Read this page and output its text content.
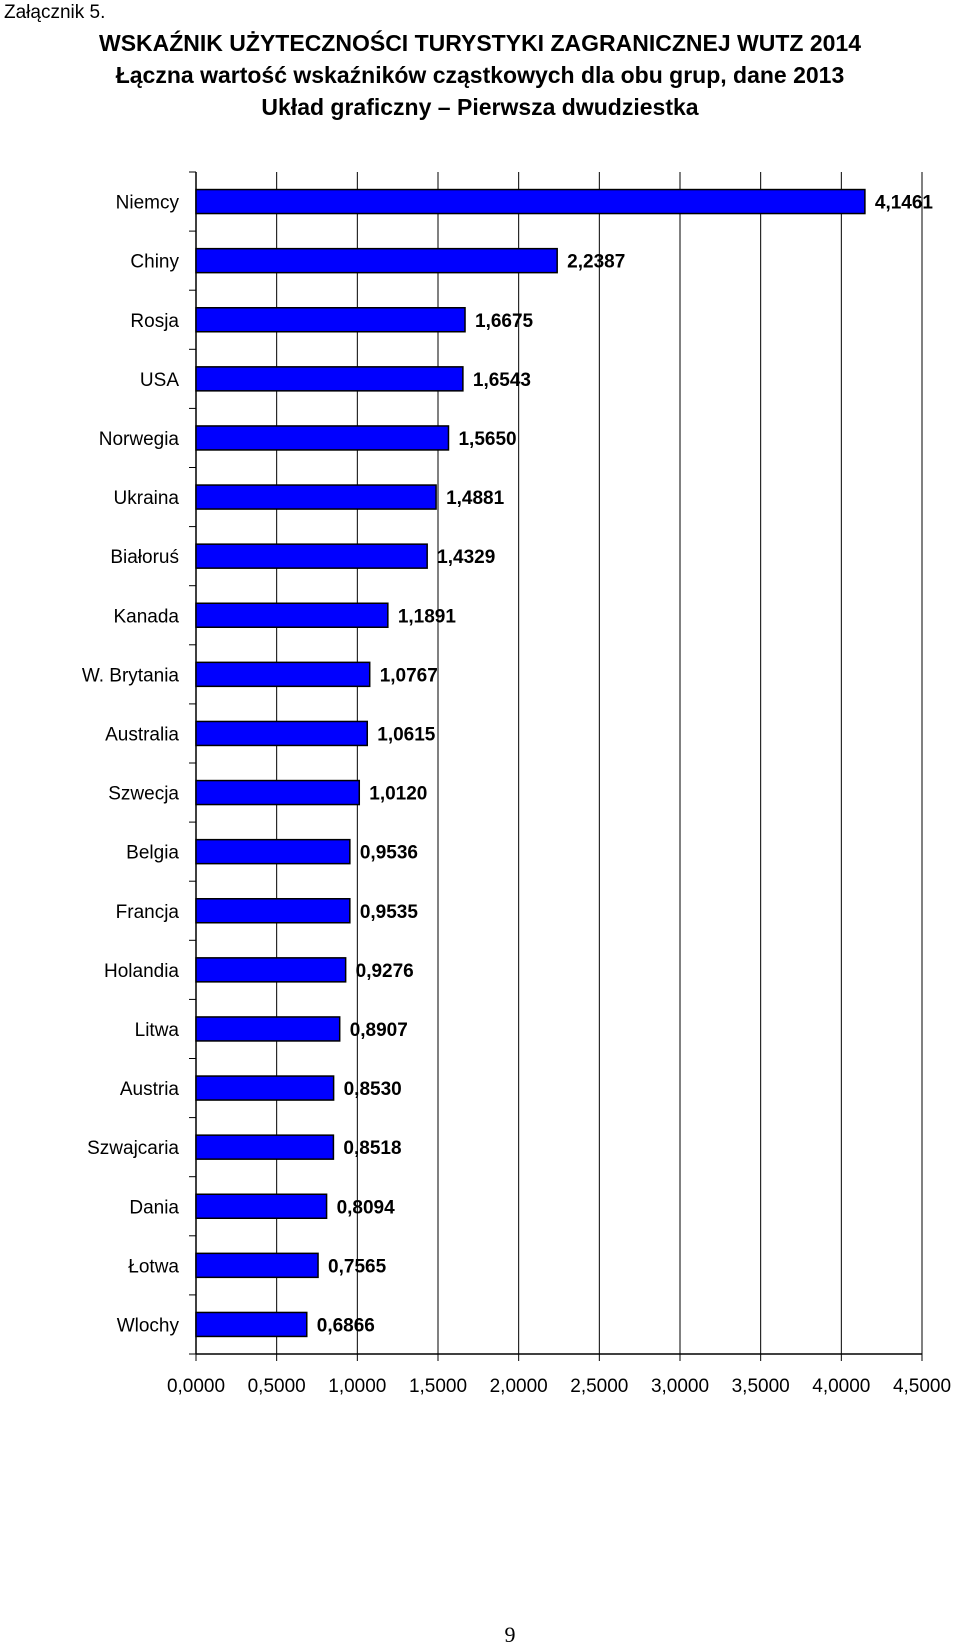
Załącznik 5.
WSKAŹNIK UŻYTECZNOŚCI TURYSTYKI ZAGRANICZNEJ WUTZ 2014
Łączna wartość wskaźników cząstkowych dla obu grup, dane 2013
Układ graficzny – Pierwsza dwudziestka
0,0000 0,5000 1,0000 1,5000 2,0000 2,5000 3,0000 3,5000 4,0000 4,5000
Niemcy	4,1461
Chiny	2,2387
Rosja	1,6675
USA	1,6543
Norwegia	1,5650
Ukraina	1,4881
Białoruś	1,4329
Kanada	1,1891
W. Brytania	1,0767
Australia	1,0615
Szwecja	1,0120
Belgia	0,9536
Francja	0,9535
Holandia	0,9276
Litwa	0,8907
Austria	0,8530
Szwajcaria	0,8518
Dania	0,8094
Łotwa	0,7565
Wlochy	0,6866
9
